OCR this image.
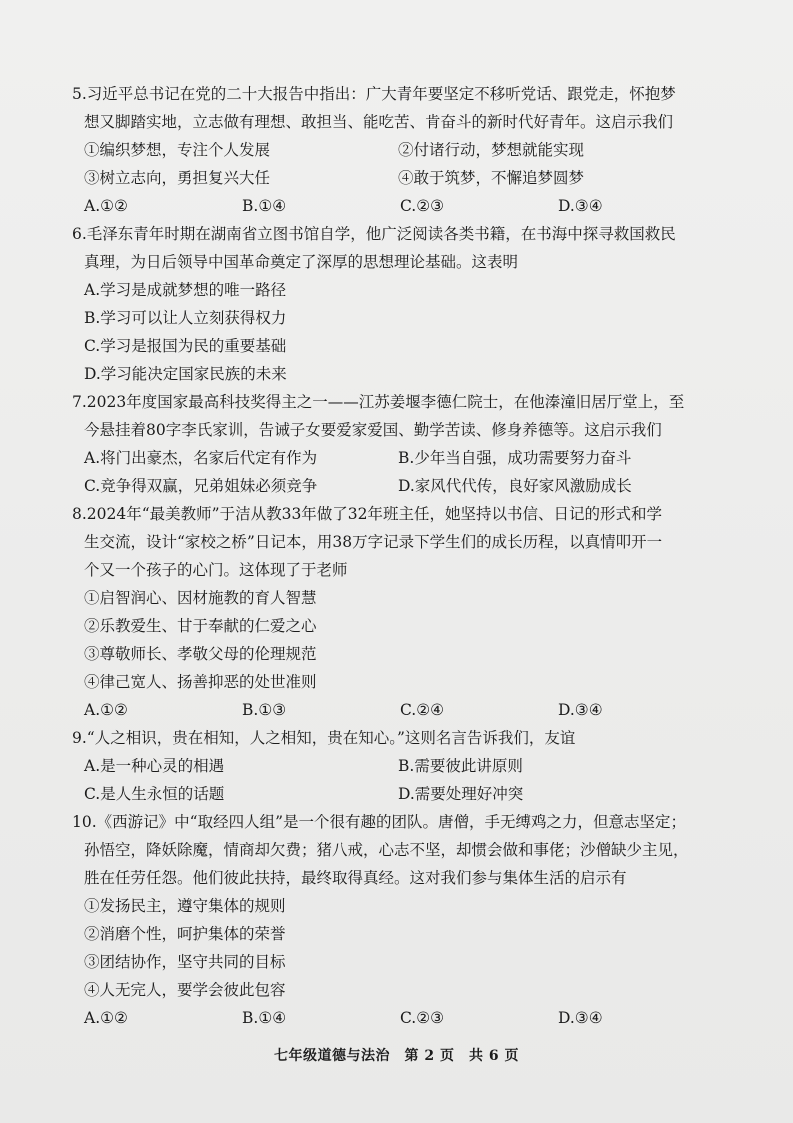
5.习近平总书记在党的二十大报告中指出：广大青年要坚定不移听党话、跟党走，怀抱梦
想又脚踏实地，立志做有理想、敢担当、能吃苦、肯奋斗的新时代好青年。这启示我们
①编织梦想，专注个人发展	②付诸行动，梦想就能实现
③树立志向，勇担复兴大任	④敢于筑梦，不懈追梦圆梦
A.①②	B.①④	C.②③	D.③④
6.毛泽东青年时期在湖南省立图书馆自学，他广泛阅读各类书籍，在书海中探寻救国救民
真理，为日后领导中国革命奠定了深厚的思想理论基础。这表明
A.学习是成就梦想的唯一路径
B.学习可以让人立刻获得权力
C.学习是报国为民的重要基础
D.学习能决定国家民族的未来
7.2023年度国家最高科技奖得主之一——江苏姜堰李德仁院士，在他溱潼旧居厅堂上，至
今悬挂着80字李氏家训，告诫子女要爱家爱国、勤学苦读、修身养德等。这启示我们
A.将门出豪杰，名家后代定有作为	B.少年当自强，成功需要努力奋斗
C.竞争得双赢，兄弟姐妹必须竞争	D.家风代代传，良好家风激励成长
8.2024年“最美教师”于洁从教33年做了32年班主任，她坚持以书信、日记的形式和学
生交流，设计“家校之桥”日记本，用38万字记录下学生们的成长历程，以真情叩开一
个又一个孩子的心门。这体现了于老师
①启智润心、因材施教的育人智慧
②乐教爱生、甘于奉献的仁爱之心
③尊敬师长、孝敬父母的伦理规范
④律己宽人、扬善抑恶的处世准则
A.①②	B.①③	C.②④	D.③④
9.“人之相识，贵在相知，人之相知，贵在知心。”这则名言告诉我们，友谊
A.是一种心灵的相遇	B.需要彼此讲原则
C.是人生永恒的话题	D.需要处理好冲突
10.《西游记》中“取经四人组”是一个很有趣的团队。唐僧，手无缚鸡之力，但意志坚定；
孙悟空，降妖除魔，情商却欠费；猪八戒，心志不坚，却惯会做和事佬；沙僧缺少主见，
胜在任劳任怨。他们彼此扶持，最终取得真经。这对我们参与集体生活的启示有
①发扬民主，遵守集体的规则
②消磨个性，呵护集体的荣誉
③团结协作，坚守共同的目标
④人无完人，要学会彼此包容
A.①②	B.①④	C.②③	D.③④
七年级道德与法治　第 2 页　共 6 页
